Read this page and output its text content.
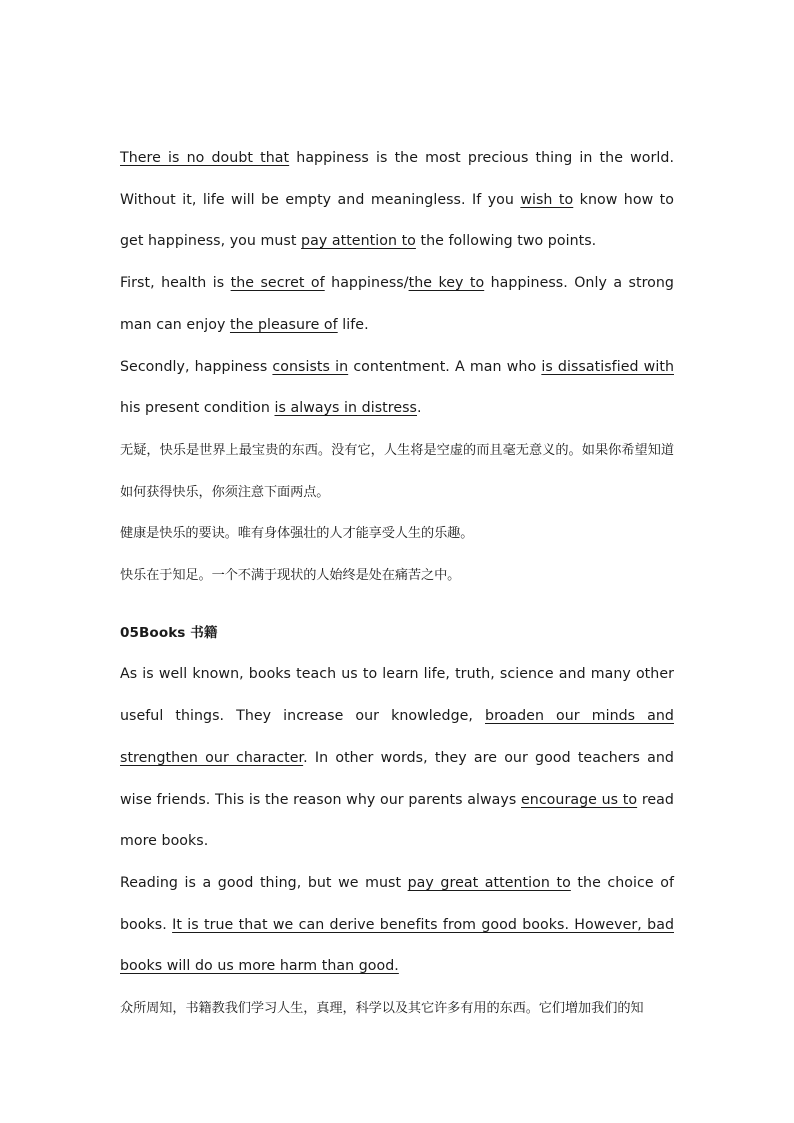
There is no doubt that happiness is the most precious thing in the world. Without it, life will be empty and meaningless. If you wish to know how to get happiness, you must pay attention to the following two points.

First, health is the secret of happiness/the key to happiness. Only a strong man can enjoy the pleasure of life.

Secondly, happiness consists in contentment. A man who is dissatisfied with his present condition is always in distress.

无疑，快乐是世界上最宝贵的东西。没有它，人生将是空虚的而且毫无意义的。如果你希望知道如何获得快乐，你须注意下面两点。

健康是快乐的要诀。唯有身体强壮的人才能享受人生的乐趣。

快乐在于知足。一个不满于现状的人始终是处在痛苦之中。

05Books 书籍

As is well known, books teach us to learn life, truth, science and many other useful things. They increase our knowledge, broaden our minds and strengthen our character. In other words, they are our good teachers and wise friends. This is the reason why our parents always encourage us to read more books.

Reading is a good thing, but we must pay great attention to the choice of books. It is true that we can derive benefits from good books. However, bad books will do us more harm than good.

众所周知，书籍教我们学习人生，真理，科学以及其它许多有用的东西。它们增加我们的知
